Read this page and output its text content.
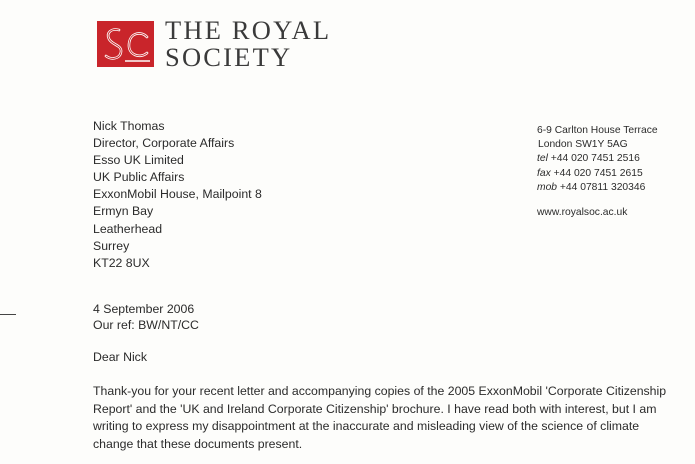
THE ROYAL
SOCIETY
Nick Thomas
Director, Corporate Affairs
Esso UK Limited
UK Public Affairs
ExxonMobil House, Mailpoint 8
Ermyn Bay
Leatherhead
Surrey
KT22 8UX
6-9 Carlton House Terrace
London SW1Y 5AG
tel +44 020 7451 2516
fax +44 020 7451 2615
mob +44 07811 320346
www.royalsoc.ac.uk
4 September 2006
Our ref: BW/NT/CC
Dear Nick
Thank-you for your recent letter and accompanying copies of the 2005 ExxonMobil 'Corporate Citizenship
Report' and the 'UK and Ireland Corporate Citizenship' brochure. I have read both with interest, but I am
writing to express my disappointment at the inaccurate and misleading view of the science of climate
change that these documents present.
